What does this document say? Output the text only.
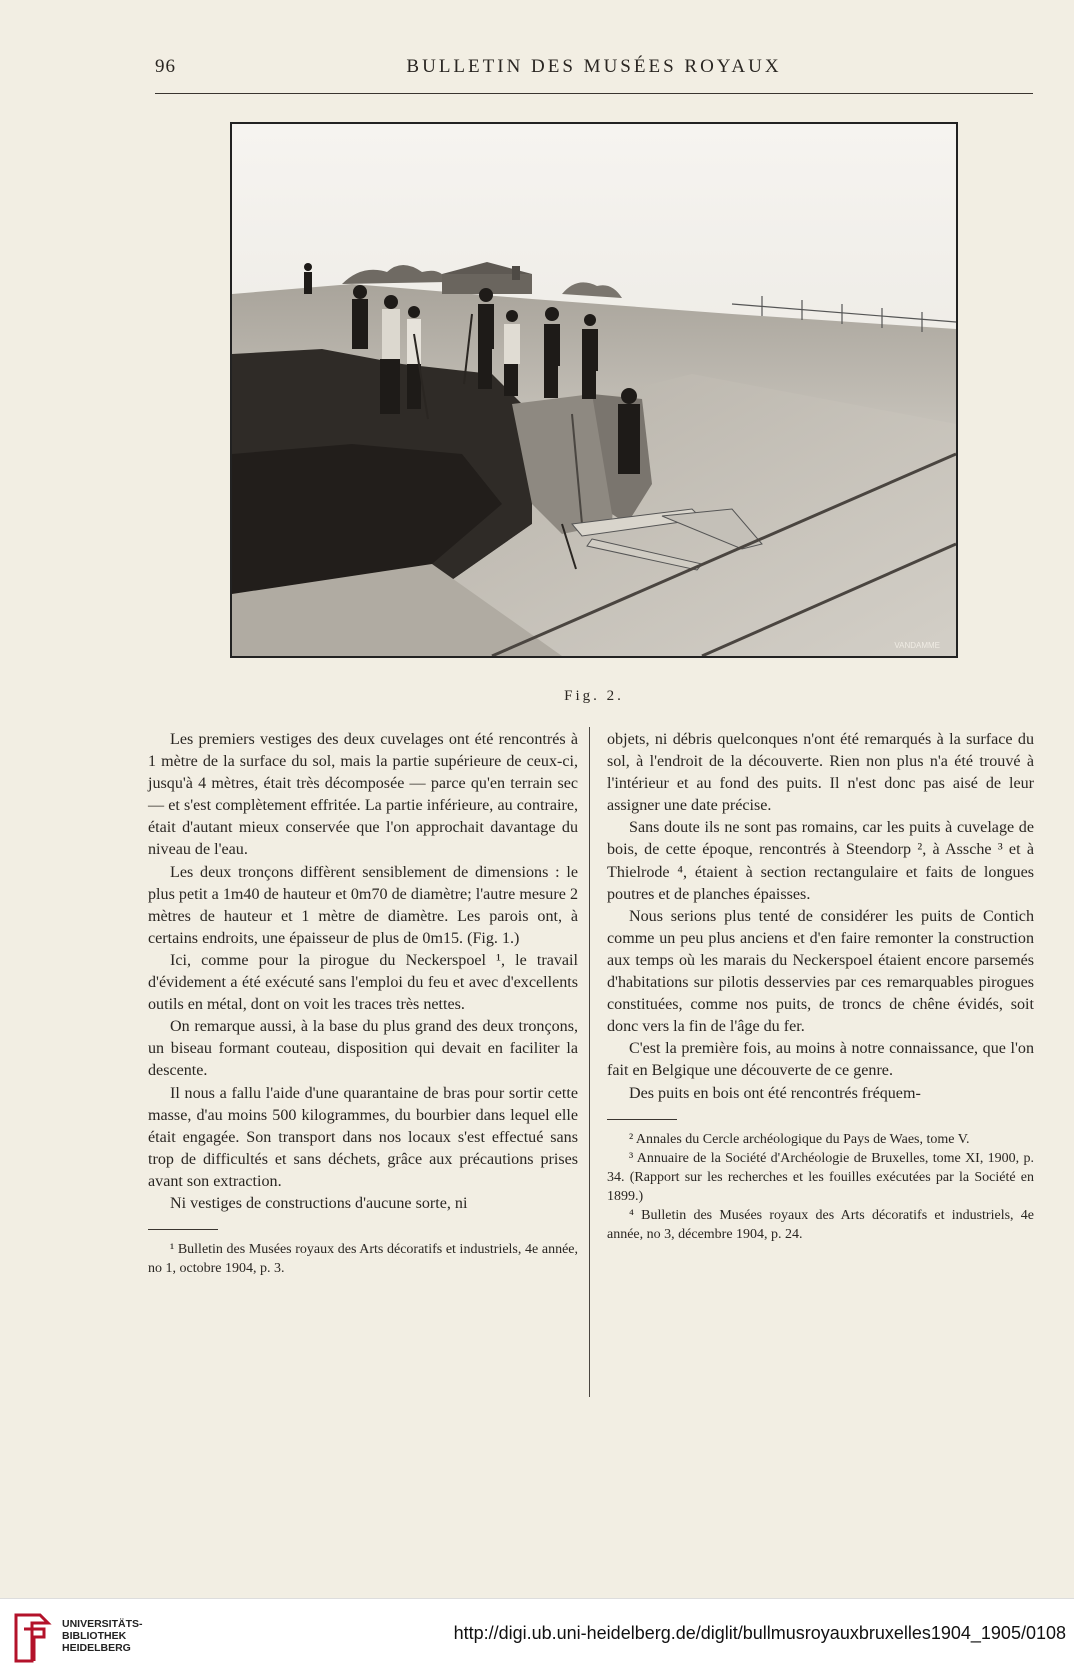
96	BULLETIN DES MUSÉES ROYAUX
VANDAMME
Fig. 2.

Les premiers vestiges des deux cuvelages ont été rencontrés à 1 mètre de la surface du sol, mais la partie supérieure de ceux-ci, jusqu'à 4 mètres, était très décomposée — parce qu'en terrain sec — et s'est complètement effritée. La partie inférieure, au contraire, était d'autant mieux conservée que l'on approchait davantage du niveau de l'eau.

Les deux tronçons diffèrent sensiblement de dimensions : le plus petit a 1m40 de hauteur et 0m70 de diamètre; l'autre mesure 2 mètres de hauteur et 1 mètre de diamètre. Les parois ont, à certains endroits, une épaisseur de plus de 0m15. (Fig. 1.)

Ici, comme pour la pirogue du Neckerspoel ¹, le travail d'évidement a été exécuté sans l'emploi du feu et avec d'excellents outils en métal, dont on voit les traces très nettes.

On remarque aussi, à la base du plus grand des deux tronçons, un biseau formant couteau, disposition qui devait en faciliter la descente.

Il nous a fallu l'aide d'une quarantaine de bras pour sortir cette masse, d'au moins 500 kilogrammes, du bourbier dans lequel elle était engagée. Son transport dans nos locaux s'est effectué sans trop de difficultés et sans déchets, grâce aux précautions prises avant son extraction.

Ni vestiges de constructions d'aucune sorte, ni

¹ Bulletin des Musées royaux des Arts décoratifs et industriels, 4e année, no 1, octobre 1904, p. 3.

objets, ni débris quelconques n'ont été remarqués à la surface du sol, à l'endroit de la découverte. Rien non plus n'a été trouvé à l'intérieur et au fond des puits. Il n'est donc pas aisé de leur assigner une date précise.

Sans doute ils ne sont pas romains, car les puits à cuvelage de bois, de cette époque, rencontrés à Steendorp ², à Assche ³ et à Thielrode ⁴, étaient à section rectangulaire et faits de longues poutres et de planches épaisses.

Nous serions plus tenté de considérer les puits de Contich comme un peu plus anciens et d'en faire remonter la construction aux temps où les marais du Neckerspoel étaient encore parsemés d'habitations sur pilotis desservies par ces remarquables pirogues constituées, comme nos puits, de troncs de chêne évidés, soit donc vers la fin de l'âge du fer.

C'est la première fois, au moins à notre connaissance, que l'on fait en Belgique une découverte de ce genre.

Des puits en bois ont été rencontrés fréquem-

² Annales du Cercle archéologique du Pays de Waes, tome V.

³ Annuaire de la Société d'Archéologie de Bruxelles, tome XI, 1900, p. 34. (Rapport sur les recherches et les fouilles exécutées par la Société en 1899.)

⁴ Bulletin des Musées royaux des Arts décoratifs et industriels, 4e année, no 3, décembre 1904, p. 24.

UNIVERSITÄTS-
BIBLIOTHEK
HEIDELBERG
http://digi.ub.uni-heidelberg.de/diglit/bullmusroyauxbruxelles1904_1905/0108
